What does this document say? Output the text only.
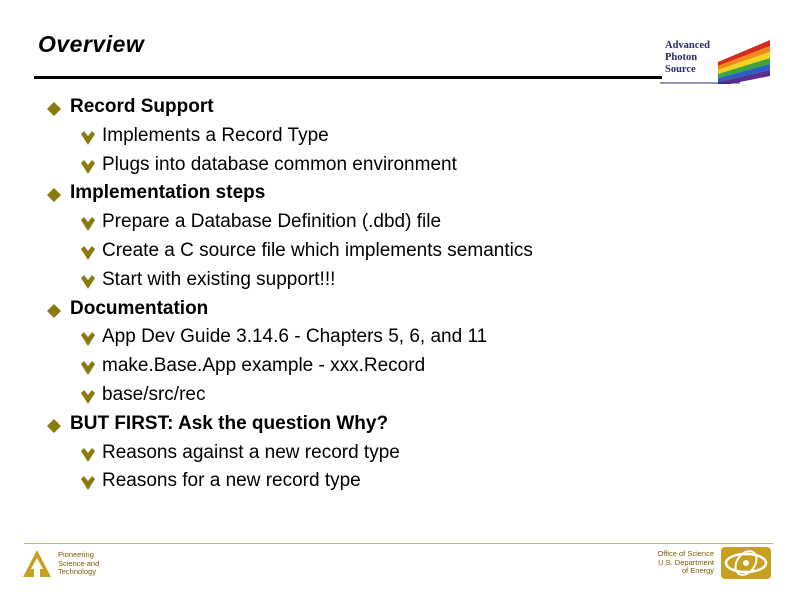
Overview	Advanced
Photon
Source
Record Support
Implements a Record Type
Plugs into database common environment
Implementation steps
Prepare a Database Definition (.dbd) file
Create a C source file which implements semantics
Start with existing support!!!
Documentation
App Dev Guide 3.14.6 - Chapters 5, 6, and 11
make.Base.App example - xxx.Record
base/src/rec
BUT FIRST: Ask the question Why?
Reasons against a new record type
Reasons for a new record type
Pioneering
Science and
Technology
Office of Science
U.S. Department
of Energy
